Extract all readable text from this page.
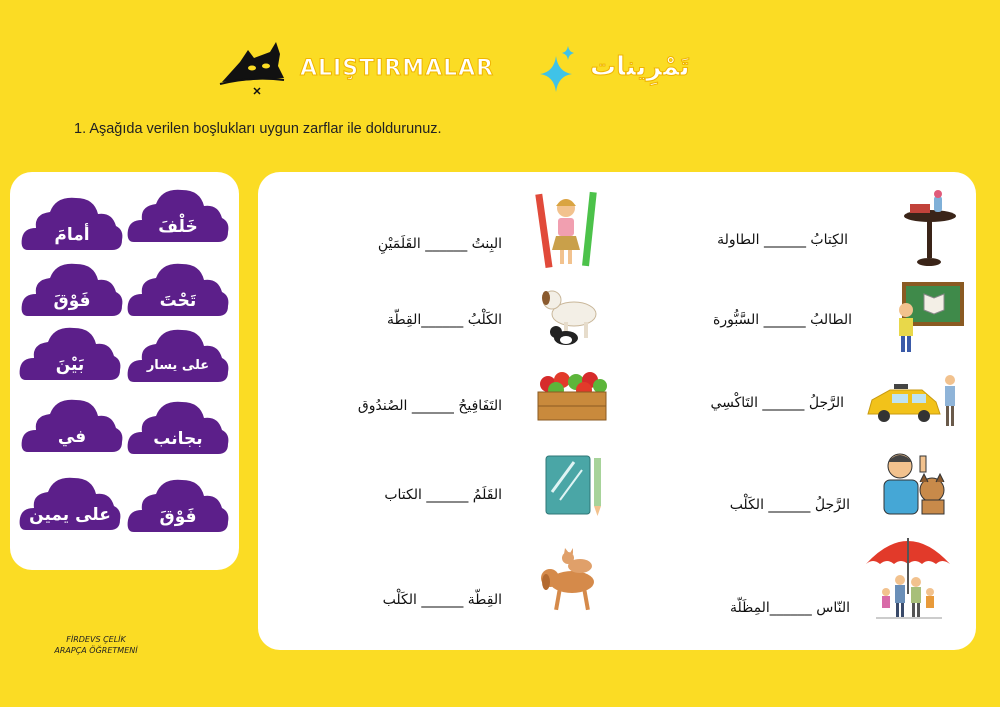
ALIŞTIRMALAR	تَمْرِينات
1. Aşağıda verilen boşlukları uygun zarflar ile doldurunuz.
خَلْفَ
أمامَ
تَحْتَ
فَوْقَ
على يسار
بَيْنَ
بجانب
في
فَوْقَ
على يمين
البِنتُ ______ القَلَمَيْنِ
الكَلْبُ ______القِطّة
التَفَافِيحُ ______ الصُندُوق
القَلَمُ ______ الكتاب
القِطّة ______ الكَلْب
الكِتابُ ______ الطاولة
الطالبُ ______ السَّبُّورة
الرَّجلُ ______ التَاكْسِي
الرَّجلُ ______ الكَلْب
النّاس ______المِظَلّة
FİRDEVS ÇELİK
ARAPÇA ÖĞRETMENİ
